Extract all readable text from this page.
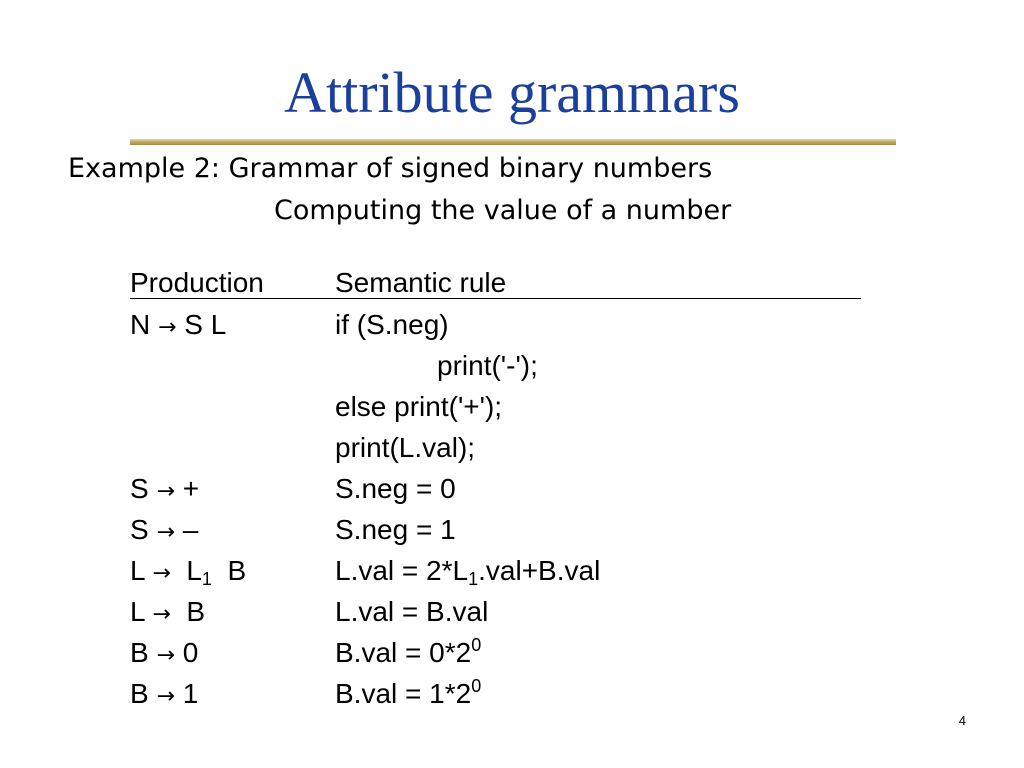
Attribute grammars
Example 2: Grammar of signed binary numbers
Computing the value of a number
Production	Semantic rule
N → S L	if (S.neg)
print('-');
else print('+');
print(L.val);
S → +	S.neg = 0
S → –	S.neg = 1
$L \to L_1$ B	$L.val = 2*L_1.val+B.val$
L → B	L.val = B.val
B → 0	$B.val = 0*2^0$
B → 1	$B.val = 1*2^0$
4
